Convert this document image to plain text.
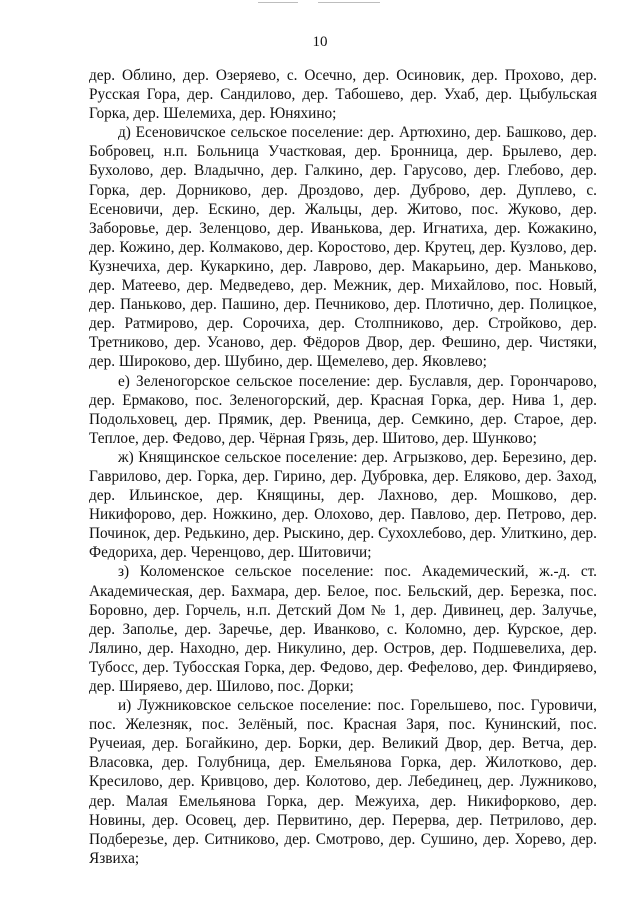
10

дер. Облино, дер. Озеряево, с. Осечно, дер. Осиновик, дер. Прохово, дер. Русская Гора, дер. Сандилово, дер. Табошево, дер. Ухаб, дер. Цыбульская Горка, дер. Шелемиха, дер. Юняхино;

д) Есеновичское сельское поселение: дер. Артюхино, дер. Башково, дер. Бобровец, н.п. Больница Участковая, дер. Бронница, дер. Брылево, дер. Бухолово, дер. Владычно, дер. Галкино, дер. Гарусово, дер. Глебово, дер. Горка, дер. Дорниково, дер. Дроздово, дер. Дуброво, дер. Дуплево, с. Есеновичи, дер. Ескино, дер. Жальцы, дер. Житово, пос. Жуково, дер. Заборовье, дер. Зеленцово, дер. Иванькова, дер. Игнатиха, дер. Кожакино, дер. Кожино, дер. Колмаково, дер. Коростово, дер. Крутец, дер. Кузлово, дер. Кузнечиха, дер. Кукаркино, дер. Лаврово, дер. Макарьино, дер. Маньково, дер. Матеево, дер. Медведево, дер. Межник, дер. Михайлово, пос. Новый, дер. Паньково, дер. Пашино, дер. Печниково, дер. Плотично, дер. Полицкое, дер. Ратмирово, дер. Сорочиха, дер. Столпниково, дер. Стройково, дер. Третниково, дер. Усаново, дер. Фёдоров Двор, дер. Фешино, дер. Чистяки, дер. Широково, дер. Шубино, дер. Щемелево, дер. Яковлево;

е) Зеленогорское сельское поселение: дер. Буславля, дер. Горончарово, дер. Ермаково, пос. Зеленогорский, дер. Красная Горка, дер. Нива 1, дер. Подольховец, дер. Прямик, дер. Рвеница, дер. Семкино, дер. Старое, дер. Теплое, дер. Федово, дер. Чёрная Грязь, дер. Шитово, дер. Шунково;

ж) Княщинское сельское поселение: дер. Агрызково, дер. Березино, дер. Гаврилово, дер. Горка, дер. Гирино, дер. Дубровка, дер. Еляково, дер. Заход, дер. Ильинское, дер. Княщины, дер. Лахново, дер. Мошково, дер. Никифорово, дер. Ножкино, дер. Олохово, дер. Павлово, дер. Петрово, дер. Починок, дер. Редькино, дер. Рыскино, дер. Сухохлебово, дер. Улиткино, дер. Федориха, дер. Черенцово, дер. Шитовичи;

з) Коломенское сельское поселение: пос. Академический, ж.-д. ст. Академическая, дер. Бахмара, дер. Белое, пос. Бельский, дер. Березка, пос. Боровно, дер. Горчель, н.п. Детский Дом № 1, дер. Дивинец, дер. Залучье, дер. Заполье, дер. Заречье, дер. Иванково, с. Коломно, дер. Курское, дер. Лялино, дер. Находно, дер. Никулино, дер. Остров, дер. Подшевелиха, дер. Тубосс, дер. Тубосская Горка, дер. Федово, дер. Фефелово, дер. Финдиряево, дер. Ширяево, дер. Шилово, пос. Дорки;

и) Лужниковское сельское поселение: пос. Горельшево, пос. Гуровичи, пос. Железняк, пос. Зелёный, пос. Красная Заря, пос. Кунинский, пос. Ручеиая, дер. Богайкино, дер. Борки, дер. Великий Двор, дер. Ветча, дер. Власовка, дер. Голубница, дер. Емельянова Горка, дер. Жилотково, дер. Кресилово, дер. Кривцово, дер. Колотово, дер. Лебединец, дер. Лужниково, дер. Малая Емельянова Горка, дер. Межуиха, дер. Никифорково, дер. Новины, дер. Осовец, дер. Первитино, дер. Перерва, дер. Петрилово, дер. Подберезье, дер. Ситниково, дер. Смотрово, дер. Сушино, дер. Хорево, дер. Язвиха;
